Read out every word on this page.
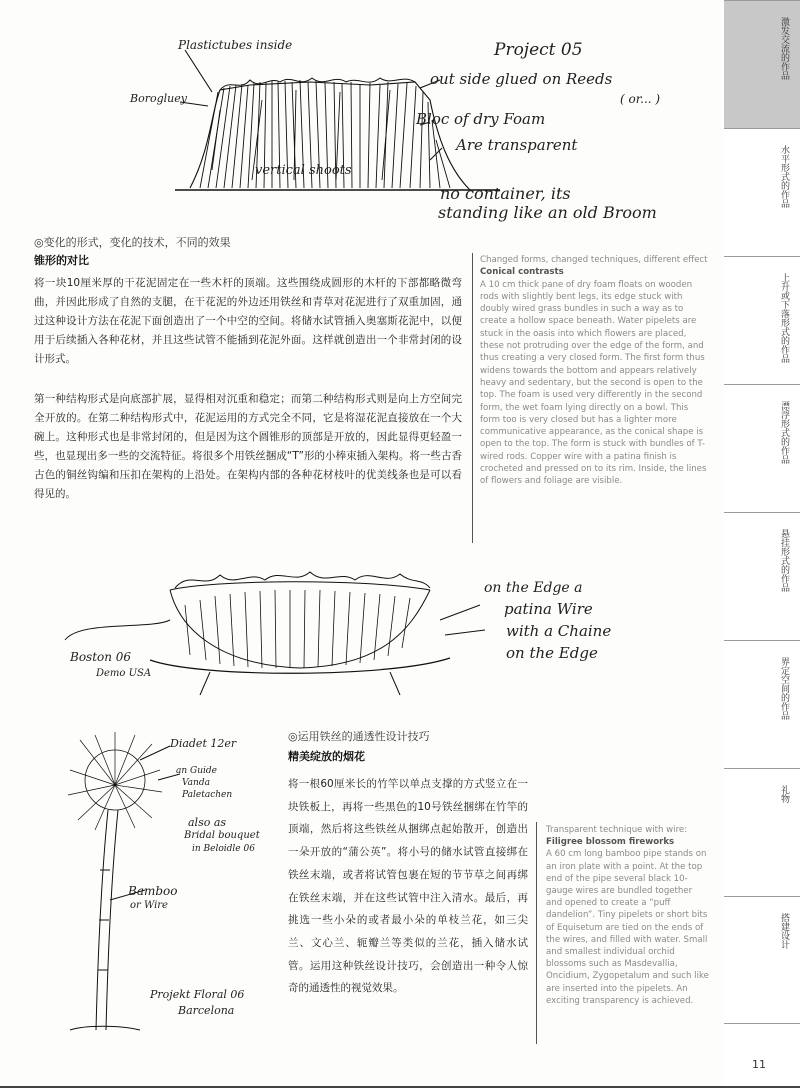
激发交流的作品
水平形式的作品
上升或下落形式的作品
漂浮形式的作品
悬挂形式的作品
界定空间的作品
礼物
搭建设计
Plastictubes inside
Borogluey
Project 05
out side glued on Reeds
( or... )
Bloc of dry Foam
Are transparent
vertical shoots
no container, its
standing like an old Broom
◎变化的形式，变化的技术，不同的效果
锥形的对比
将一块10厘米厚的干花泥固定在一些木杆的顶端。这些围绕成圆形的木杆的下部都略微弯曲，并因此形成了自然的支腿，在干花泥的外边还用铁丝和青草对花泥进行了双重加固，通过这种设计方法在花泥下面创造出了一个中空的空间。将储水试管插入奥塞斯花泥中，以便用于后续插入各种花材，并且这些试管不能插到花泥外面。这样就创造出一个非常封闭的设计形式。
第一种结构形式是向底部扩展，显得相对沉重和稳定；而第二种结构形式则是向上方空间完全开放的。在第二种结构形式中，花泥运用的方式完全不同，它是将湿花泥直接放在一个大碗上。这种形式也是非常封闭的，但是因为这个圆锥形的顶部是开放的，因此显得更轻盈一些，也显现出多一些的交流特征。将很多个用铁丝捆成“T”形的小棒束插入架构。将一些古香古色的铜丝钩编和压扣在架构的上沿处。在架构内部的各种花材枝叶的优美线条也是可以看得见的。
Changed forms, changed techniques, different effect
Conical contrasts
A 10 cm thick pane of dry foam floats on wooden rods with slightly bent legs, its edge stuck with doubly wired grass bundles in such a way as to create a hollow space beneath. Water pipelets are stuck in the oasis into which flowers are placed, these not protruding over the edge of the form, and thus creating a very closed form. The first form thus widens towards the bottom and appears relatively heavy and sedentary, but the second is open to the top. The foam is used very differently in the second form, the wet foam lying directly on a bowl. This form too is very closed but has a lighter more communicative appearance, as the conical shape is open to the top. The form is stuck with bundles of T-wired rods. Copper wire with a patina finish is crocheted and pressed on to its rim. Inside, the lines of flowers and foliage are visible.
on the Edge a
patina Wire
with a Chaine
on the Edge
Boston 06
Demo USA
Diadet 12er
an Guide
Vanda
Paletachen
also as
Bridal bouquet
in Beloidle 06
Bamboo
or Wire
Projekt Floral 06
Barcelona
◎运用铁丝的通透性设计技巧
精美绽放的烟花
将一根60厘米长的竹竿以单点支撑的方式竖立在一块铁板上，再将一些黑色的10号铁丝捆绑在竹竿的顶端，然后将这些铁丝从捆绑点起始散开，创造出一朵开放的“蒲公英”。将小号的储水试管直接绑在铁丝末端，或者将试管包裹在短的节节草之间再绑在铁丝末端，并在这些试管中注入清水。最后，再挑选一些小朵的或者最小朵的单枝兰花，如三尖兰、文心兰、轭瓣兰等类似的兰花，插入储水试管。运用这种铁丝设计技巧，会创造出一种令人惊奇的通透性的视觉效果。
Transparent technique with wire:
Filigree blossom fireworks
A 60 cm long bamboo pipe stands on an iron plate with a point. At the top end of the pipe several black 10-gauge wires are bundled together and opened to create a “puff dandelion”. Tiny pipelets or short bits of Equisetum are tied on the ends of the wires, and filled with water. Small and smallest individual orchid blossoms such as Masdevallia, Oncidium, Zygopetalum and such like are inserted into the pipelets. An exciting transparency is achieved.
11
